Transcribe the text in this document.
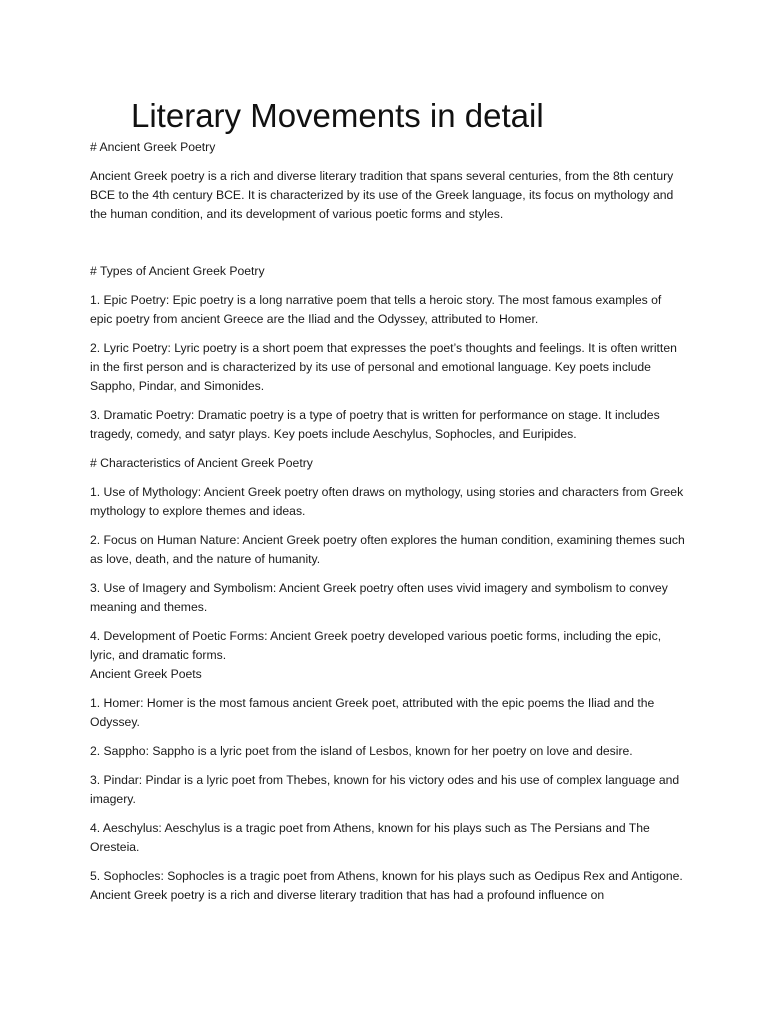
Literary Movements in detail

# Ancient Greek Poetry

Ancient Greek poetry is a rich and diverse literary tradition that spans several centuries, from the 8th century BCE to the 4th century BCE. It is characterized by its use of the Greek language, its focus on mythology and the human condition, and its development of various poetic forms and styles.

# Types of Ancient Greek Poetry

1. Epic Poetry: Epic poetry is a long narrative poem that tells a heroic story. The most famous examples of epic poetry from ancient Greece are the Iliad and the Odyssey, attributed to Homer.

2. Lyric Poetry: Lyric poetry is a short poem that expresses the poet’s thoughts and feelings. It is often written in the first person and is characterized by its use of personal and emotional language. Key poets include Sappho, Pindar, and Simonides.

3. Dramatic Poetry: Dramatic poetry is a type of poetry that is written for performance on stage. It includes tragedy, comedy, and satyr plays. Key poets include Aeschylus, Sophocles, and Euripides.

# Characteristics of Ancient Greek Poetry

1. Use of Mythology: Ancient Greek poetry often draws on mythology, using stories and characters from Greek mythology to explore themes and ideas.

2. Focus on Human Nature: Ancient Greek poetry often explores the human condition, examining themes such as love, death, and the nature of humanity.

3. Use of Imagery and Symbolism: Ancient Greek poetry often uses vivid imagery and symbolism to convey meaning and themes.

4. Development of Poetic Forms: Ancient Greek poetry developed various poetic forms, including the epic, lyric, and dramatic forms.

Ancient Greek Poets

1. Homer: Homer is the most famous ancient Greek poet, attributed with the epic poems the Iliad and the Odyssey.

2. Sappho: Sappho is a lyric poet from the island of Lesbos, known for her poetry on love and desire.

3. Pindar: Pindar is a lyric poet from Thebes, known for his victory odes and his use of complex language and imagery.

4. Aeschylus: Aeschylus is a tragic poet from Athens, known for his plays such as The Persians and The Oresteia.

5. Sophocles: Sophocles is a tragic poet from Athens, known for his plays such as Oedipus Rex and Antigone.

Ancient Greek poetry is a rich and diverse literary tradition that has had a profound influence on
